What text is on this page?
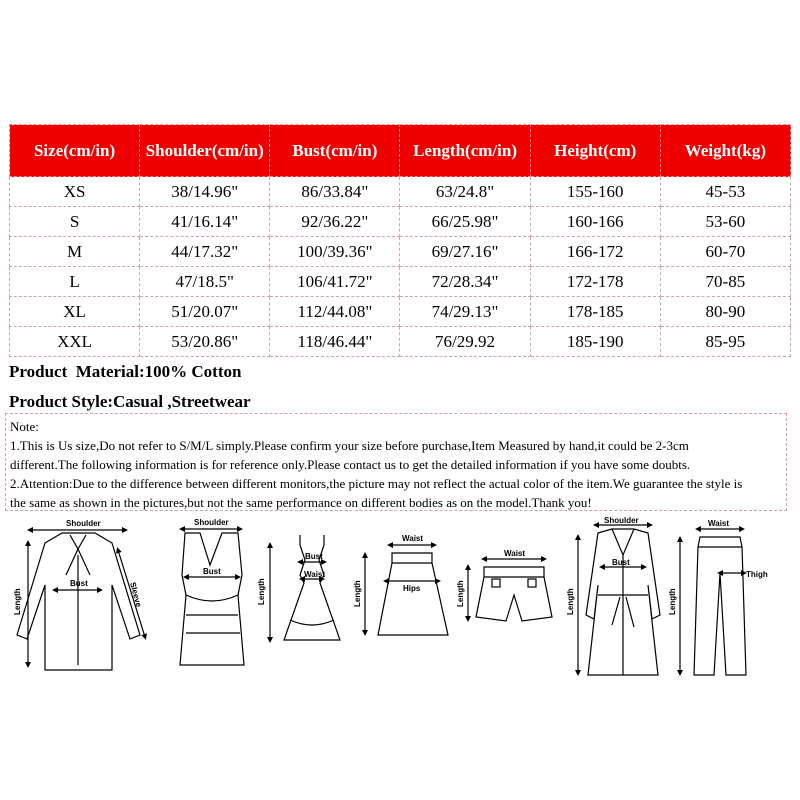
Size(cm/in)	Shoulder(cm/in)	Bust(cm/in)	Length(cm/in)	Height(cm)	Weight(kg)
XS	38/14.96"	86/33.84"	63/24.8"	155-160	45-53
S	41/16.14"	92/36.22"	66/25.98"	160-166	53-60
M	44/17.32"	100/39.36"	69/27.16"	166-172	60-70
L	47/18.5"	106/41.72"	72/28.34"	172-178	70-85
XL	51/20.07"	112/44.08"	74/29.13"	178-185	80-90
XXL	53/20.86"	118/46.44"	76/29.92	185-190	85-95
Product  Material:100% Cotton
Product Style:Casual ,Streetwear
Note:
1.This is Us size,Do not refer to S/M/L simply.Please confirm your size before purchase,Item Measured by hand,it could be 2-3cm
different.The following information is for reference only.Please contact us to get the detailed information if you have some doubts.
2.Attention:Due to the difference between different monitors,the picture may not reflect the actual color of the item.We guarantee the style is
the same as shown in the pictures,but not the same performance on different bodies as on the model.Thank you!
Shoulder
Bust	Sleeve
Length
Shoulder
Bust
Bust
Waist
Length
Waist
Hips
Length
Waist
Length
Shoulder
Bust
Length
Waist
Thigh
Length
